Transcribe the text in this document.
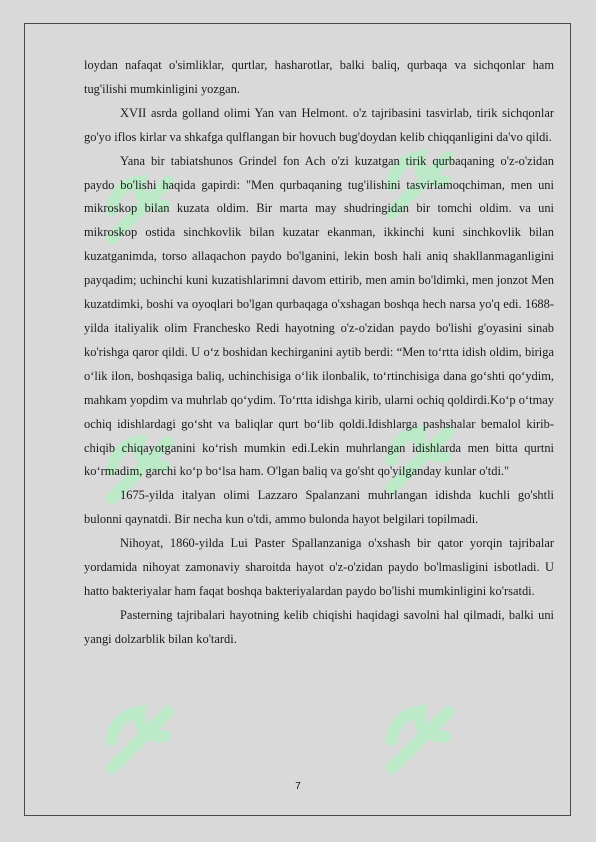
loydan nafaqat o'simliklar, qurtlar, hasharotlar, balki baliq, qurbaqa va sichqonlar ham tug'ilishi mumkinligini yozgan.

XVII asrda golland olimi Yan van Helmont. o'z tajribasini tasvirlab, tirik sichqonlar go'yo iflos kirlar va shkafga qulflangan bir hovuch bug'doydan kelib chiqqanligini da'vo qildi.

Yana bir tabiatshunos Grindel fon Ach o'zi kuzatgan tirik qurbaqaning o'z-o'zidan paydo bo'lishi haqida gapirdi: "Men qurbaqaning tug'ilishini tasvirlamoqchiman, men uni mikroskop bilan kuzata oldim. Bir marta may shudringidan bir tomchi oldim. va uni mikroskop ostida sinchkovlik bilan kuzatar ekanman, ikkinchi kuni sinchkovlik bilan kuzatganimda, torso allaqachon paydo bo'lganini, lekin bosh hali aniq shakllanmaganligini payqadim; uchinchi kuni kuzatishlarimni davom ettirib, men amin bo'ldimki, men jonzot Men kuzatdimki, boshi va oyoqlari bo'lgan qurbaqaga o'xshagan boshqa hech narsa yo'q edi. 1688-yilda italiyalik olim Franchesko Redi hayotning o'z-o'zidan paydo bo'lishi g'oyasini sinab ko'rishga qaror qildi. U o‘z boshidan kechirganini aytib berdi: “Men to‘rtta idish oldim, biriga o‘lik ilon, boshqasiga baliq, uchinchisiga o‘lik ilonbalik, to‘rtinchisiga dana go‘shti qo‘ydim, mahkam yopdim va muhrlab qo‘ydim. To‘rtta idishga kirib, ularni ochiq qoldirdi.Ko‘p o‘tmay ochiq idishlardagi go‘sht va baliqlar qurt bo‘lib qoldi.Idishlarga pashshalar bemalol kirib-chiqib chiqayotganini ko‘rish mumkin edi.Lekin muhrlangan idishlarda men bitta qurtni ko‘rmadim, garchi ko‘p bo‘lsa ham. O'lgan baliq va go'sht qo'yilganday kunlar o'tdi."

1675-yilda italyan olimi Lazzaro Spalanzani muhrlangan idishda kuchli go'shtli bulonni qaynatdi. Bir necha kun o'tdi, ammo bulonda hayot belgilari topilmadi.

Nihoyat, 1860-yilda Lui Paster Spallanzaniga o'xshash bir qator yorqin tajribalar yordamida nihoyat zamonaviy sharoitda hayot o'z-o'zidan paydo bo'lmasligini isbotladi. U hatto bakteriyalar ham faqat boshqa bakteriyalardan paydo bo'lishi mumkinligini ko'rsatdi.

Pasterning tajribalari hayotning kelib chiqishi haqidagi savolni hal qilmadi, balki uni yangi dolzarblik bilan ko'tardi.

7
